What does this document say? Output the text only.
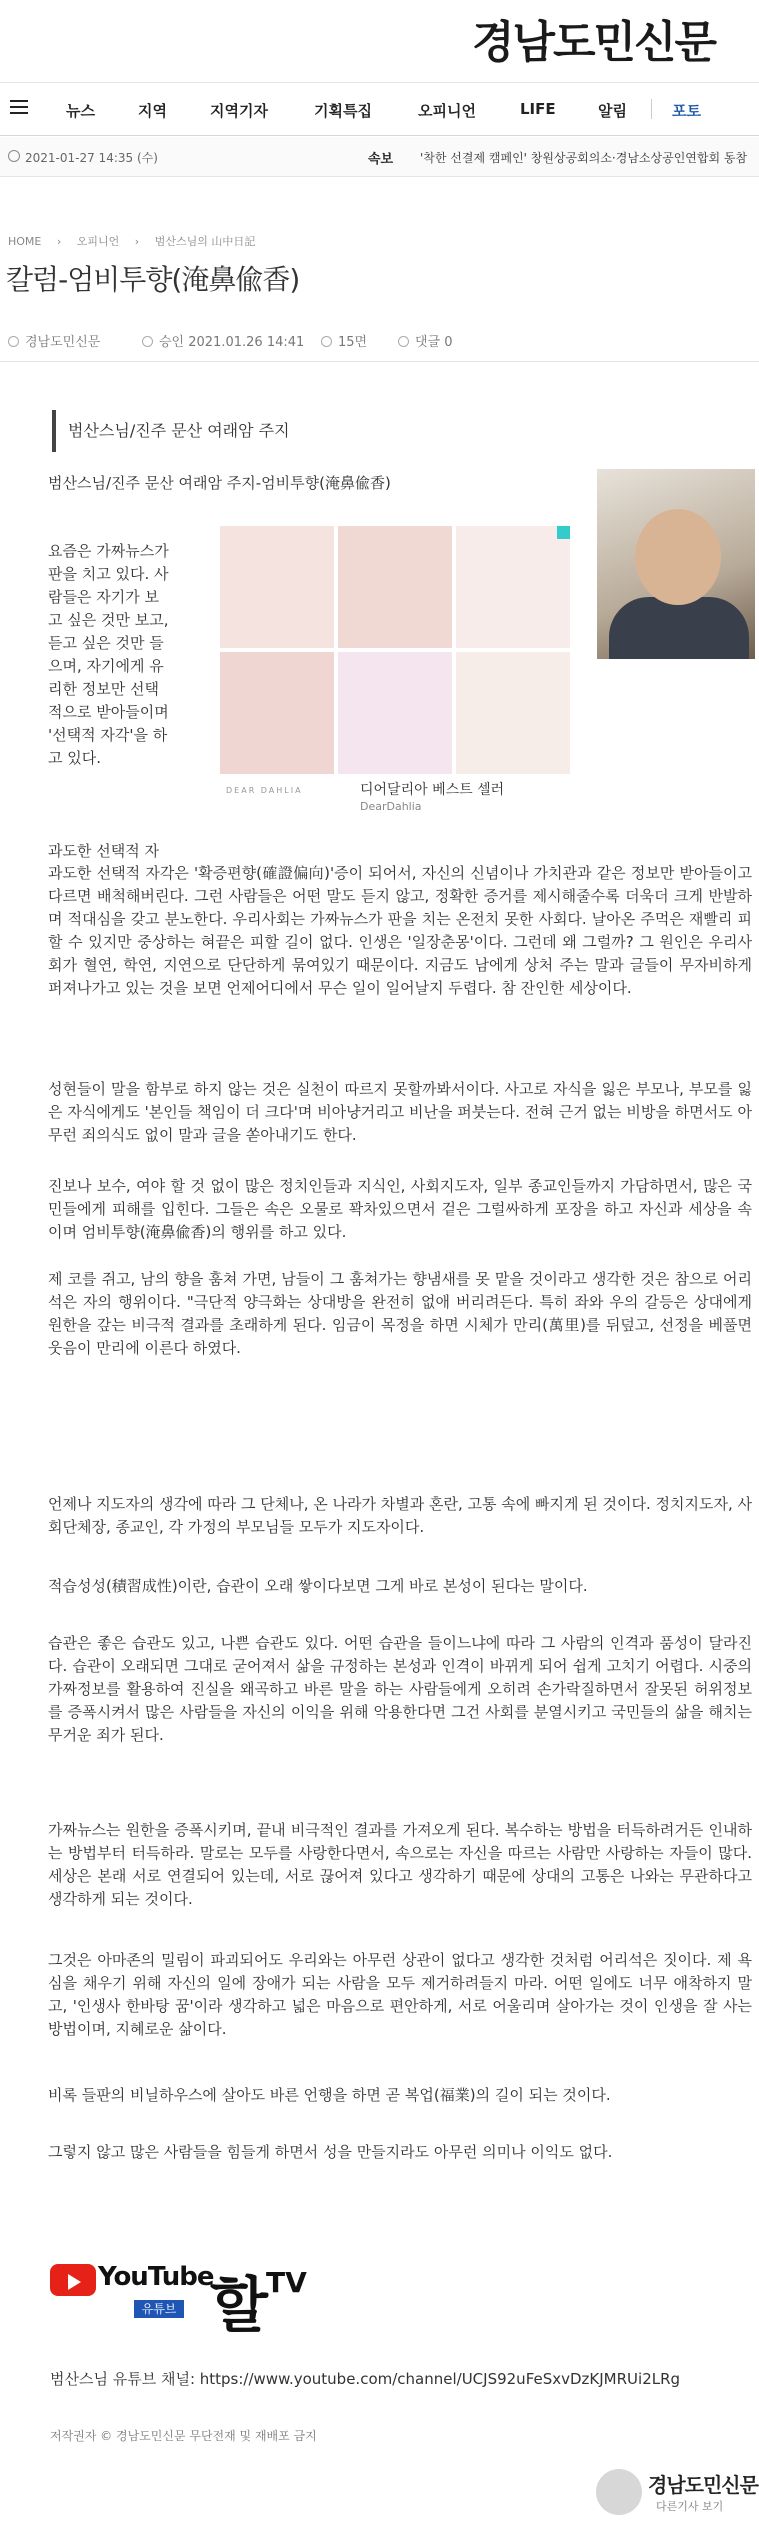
경남도민신문
뉴스	지역	지역기자	기획특집	오피니언	LIFE	알림	포토
2021-01-27 14:35 (수)	속보 '착한 선결제 캠페인' 창원상공회의소·경남소상공인연합회 동참
HOME › 오피니언 › 범산스님의 山中日記
칼럼-엄비투향(淹鼻偸香)
경남도민신문	승인 2021.01.26 14:41	15면	댓글 0
범산스님/진주 문산 여래암 주지
범산스님/진주 문산 여래암 주지-엄비투향(淹鼻偸香)
요즘은 가짜뉴스가
판을 치고 있다. 사
람들은 자기가 보
고 싶은 것만 보고,
듣고 싶은 것만 들
으며, 자기에게 유
리한 정보만 선택
적으로 받아들이며
'선택적 자각'을 하
고 있다.
DEAR DAHLIA	디어달리아 베스트 셀러
DearDahlia
과도한 선택적 자
과도한 선택적 자각은 '확증편향(確證偏向)'증이 되어서, 자신의 신념이나 가치관과 같은 정보만 받아들이고 다르면 배척해버린다. 그런 사람들은 어떤 말도 듣지 않고, 정확한 증거를 제시해줄수록 더욱더 크게 반발하며 적대심을 갖고 분노한다. 우리사회는 가짜뉴스가 판을 치는 온전치 못한 사회다. 날아온 주먹은 재빨리 피할 수 있지만 중상하는 혀끝은 피할 길이 없다. 인생은 '일장춘몽'이다. 그런데 왜 그럴까? 그 원인은 우리사회가 혈연, 학연, 지연으로 단단하게 묶여있기 때문이다. 지금도 남에게 상처 주는 말과 글들이 무자비하게 퍼져나가고 있는 것을 보면 언제어디에서 무슨 일이 일어날지 두렵다. 참 잔인한 세상이다.
성현들이 말을 함부로 하지 않는 것은 실천이 따르지 못할까봐서이다. 사고로 자식을 잃은 부모나, 부모를 잃은 자식에게도 '본인들 책임이 더 크다'며 비아냥거리고 비난을 퍼붓는다. 전혀 근거 없는 비방을 하면서도 아무런 죄의식도 없이 말과 글을 쏟아내기도 한다.
진보나 보수, 여야 할 것 없이 많은 정치인들과 지식인, 사회지도자, 일부 종교인들까지 가담하면서, 많은 국민들에게 피해를 입힌다. 그들은 속은 오물로 꽉차있으면서 겉은 그럴싸하게 포장을 하고 자신과 세상을 속이며 엄비투향(淹鼻偸香)의 행위를 하고 있다.
제 코를 쥐고, 남의 향을 훔쳐 가면, 남들이 그 훔쳐가는 향냄새를 못 맡을 것이라고 생각한 것은 참으로 어리석은 자의 행위이다. "극단적 양극화는 상대방을 완전히 없애 버리려든다. 특히 좌와 우의 갈등은 상대에게 원한을 갚는 비극적 결과를 초래하게 된다. 임금이 목정을 하면 시체가 만리(萬里)를 뒤덮고, 선정을 베풀면 웃음이 만리에 이른다 하였다.
언제나 지도자의 생각에 따라 그 단체나, 온 나라가 차별과 혼란, 고통 속에 빠지게 된 것이다. 정치지도자, 사회단체장, 종교인, 각 가정의 부모님들 모두가 지도자이다.
적습성성(積習成性)이란, 습관이 오래 쌓이다보면 그게 바로 본성이 된다는 말이다.
습관은 좋은 습관도 있고, 나쁜 습관도 있다. 어떤 습관을 들이느냐에 따라 그 사람의 인격과 품성이 달라진다. 습관이 오래되면 그대로 굳어져서 삶을 규정하는 본성과 인격이 바뀌게 되어 쉽게 고치기 어렵다. 시중의 가짜정보를 활용하여 진실을 왜곡하고 바른 말을 하는 사람들에게 오히려 손가락질하면서 잘못된 허위정보를 증폭시켜서 많은 사람들을 자신의 이익을 위해 악용한다면 그건 사회를 분열시키고 국민들의 삶을 해치는 무거운 죄가 된다.
가짜뉴스는 원한을 증폭시키며, 끝내 비극적인 결과를 가져오게 된다. 복수하는 방법을 터득하려거든 인내하는 방법부터 터득하라. 말로는 모두를 사랑한다면서, 속으로는 자신을 따르는 사람만 사랑하는 자들이 많다. 세상은 본래 서로 연결되어 있는데, 서로 끊어져 있다고 생각하기 때문에 상대의 고통은 나와는 무관하다고 생각하게 되는 것이다.
그것은 아마존의 밀림이 파괴되어도 우리와는 아무런 상관이 없다고 생각한 것처럼 어리석은 짓이다. 제 욕심을 채우기 위해 자신의 일에 장애가 되는 사람을 모두 제거하려들지 마라. 어떤 일에도 너무 애착하지 말고, '인생사 한바탕 꿈'이라 생각하고 넓은 마음으로 편안하게, 서로 어울리며 살아가는 것이 인생을 잘 사는 방법이며, 지혜로운 삶이다.
비록 들판의 비닐하우스에 살아도 바른 언행을 하면 곧 복업(福業)의 길이 되는 것이다.
그렇지 않고 많은 사람들을 힘들게 하면서 성을 만들지라도 아무런 의미나 이익도 없다.
YouTube
유튜브 할
TV
범산스님 유튜브 채널: https://www.youtube.com/channel/UCJS92uFeSxvDzKJMRUi2LRg
저작권자 © 경남도민신문 무단전재 및 재배포 금지
경남도민신문
다른기사 보기
